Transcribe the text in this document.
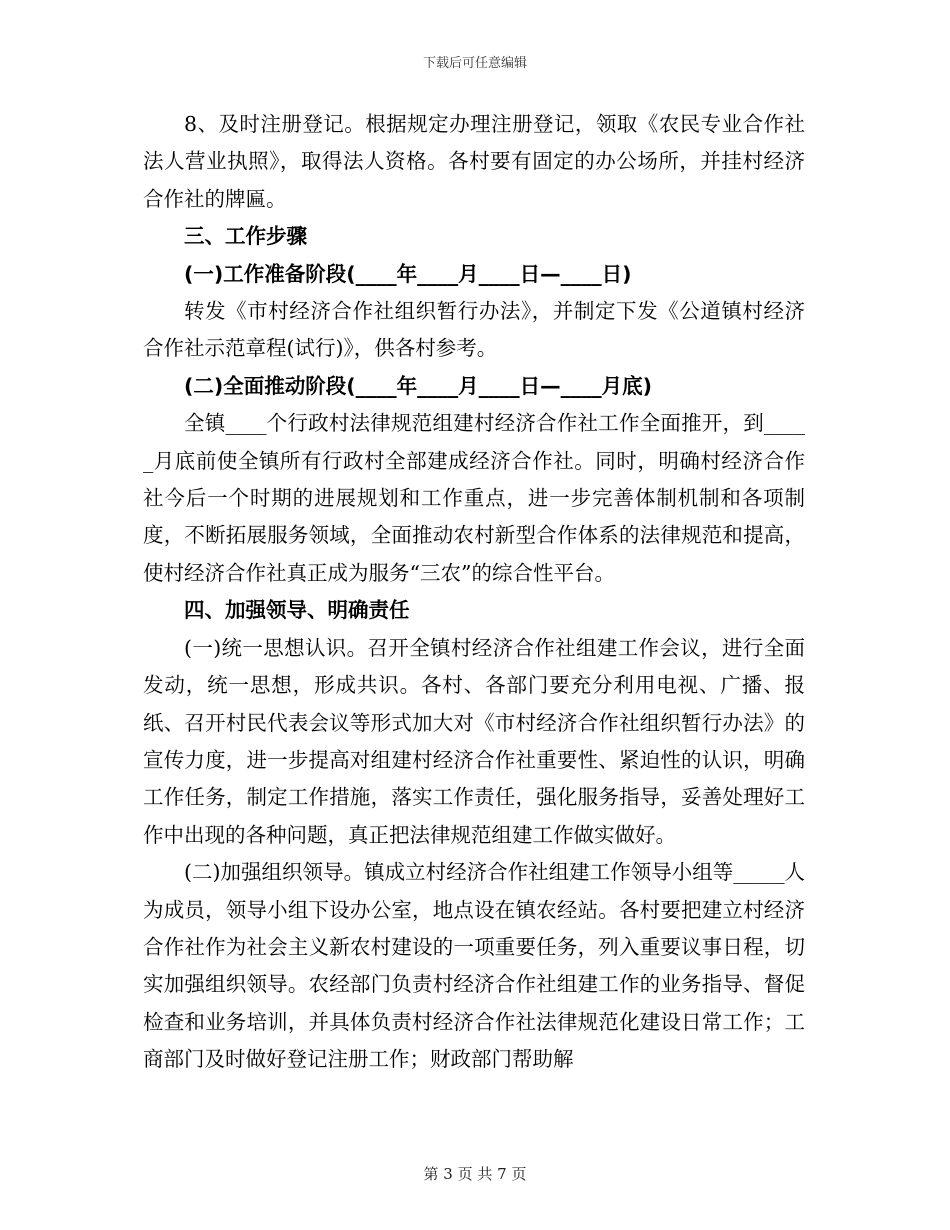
下载后可任意编辑

8、及时注册登记。根据规定办理注册登记，领取《农民专业合作社法人营业执照》，取得法人资格。各村要有固定的办公场所，并挂村经济合作社的牌匾。

三、工作步骤

(一)工作准备阶段(____年____月____日—____日)

转发《市村经济合作社组织暂行办法》，并制定下发《公道镇村经济合作社示范章程(试行)》，供各村参考。

(二)全面推动阶段(____年____月____日—____月底)

全镇____个行政村法律规范组建村经济合作社工作全面推开，到_____月底前使全镇所有行政村全部建成经济合作社。同时，明确村经济合作社今后一个时期的进展规划和工作重点，进一步完善体制机制和各项制度，不断拓展服务领域，全面推动农村新型合作体系的法律规范和提高，使村经济合作社真正成为服务“三农”的综合性平台。

四、加强领导、明确责任

(一)统一思想认识。召开全镇村经济合作社组建工作会议，进行全面发动，统一思想，形成共识。各村、各部门要充分利用电视、广播、报纸、召开村民代表会议等形式加大对《市村经济合作社组织暂行办法》的宣传力度，进一步提高对组建村经济合作社重要性、紧迫性的认识，明确工作任务，制定工作措施，落实工作责任，强化服务指导，妥善处理好工作中出现的各种问题，真正把法律规范组建工作做实做好。

(二)加强组织领导。镇成立村经济合作社组建工作领导小组等_____人为成员，领导小组下设办公室，地点设在镇农经站。各村要把建立村经济合作社作为社会主义新农村建设的一项重要任务，列入重要议事日程，切实加强组织领导。农经部门负责村经济合作社组建工作的业务指导、督促检查和业务培训，并具体负责村经济合作社法律规范化建设日常工作；工商部门及时做好登记注册工作；财政部门帮助解

第 3 页 共 7 页
